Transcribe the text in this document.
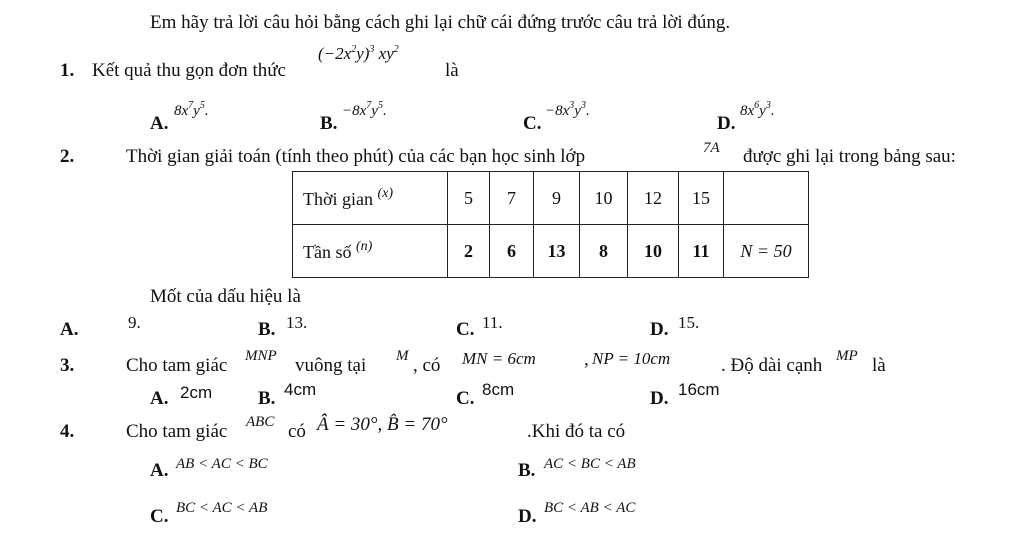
Em hãy trả lời câu hỏi bằng cách ghi lại chữ cái đứng trước câu trả lời đúng.
1. Kết quả thu gọn đơn thức
$(-2x^2y)^3$ $xy^2$
là
A.
$8x^7y^5$.
B.
$-8x^7y^5$.
C.
$-8x^3y^3$.
D.
$8x^6y^3$.
2.	Thời gian giải toán (tính theo phút) của các bạn học sinh lớp	7A được ghi lại trong bảng sau:
Thời gian $^{(x)}$	5	7	9	10	12	15	
Tần số $^{(n)}$	2	6	13	8	10	11	N = 50
Mốt của dấu hiệu là
A.	9.	B. 13.	C. 11.	D. 15.
3.	Cho tam giác MNP vuông tại M , có MN = 6cm	, NP = 10cm	. Độ dài cạnh MP là
A. 2cm B. 4cm	C. 8cm	D. 16cm
4.	Cho tam giác ABC có Â = 30°, B̂ = 70°	.Khi đó ta có
A. AB < AC < BC	B. AC < BC < AB
C. BC < AC < AB	D. BC < AB < AC
